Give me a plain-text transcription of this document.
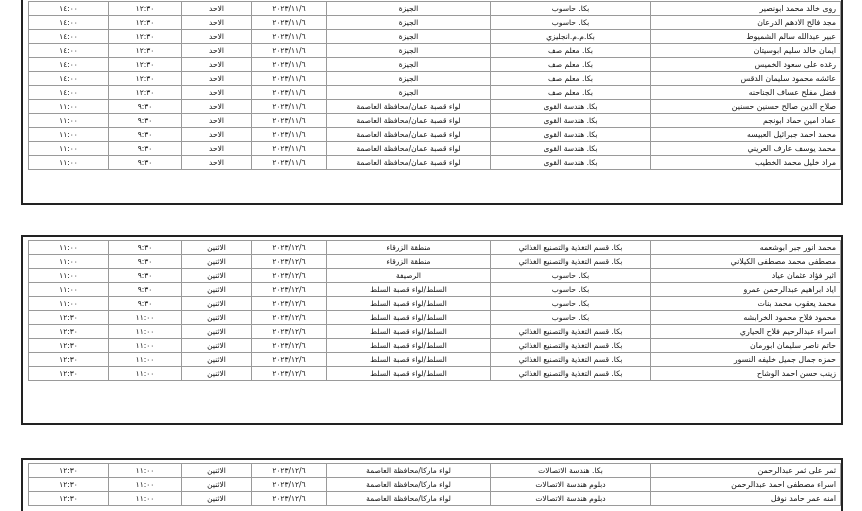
روى خالد محمد ابونصير	بكا. حاسوب	الجيزة	٢٠٢٣/١١/٦	الاحد	١٢:٣٠	١٤:٠٠
مجد فالح الادهم الدرعان	بكا. حاسوب	الجيزة	٢٠٢٣/١١/٦	الاحد	١٢:٣٠	١٤:٠٠
عبير عبدالله سالم الشميوط	بكا.م.م.انجليزي	الجيزة	٢٠٢٣/١١/٦	الاحد	١٢:٣٠	١٤:٠٠
ايمان خالد سليم ابوسيتان	بكا. معلم صف	الجيزة	٢٠٢٣/١١/٦	الاحد	١٢:٣٠	١٤:٠٠
رغده على سعود الخميس	بكا. معلم صف	الجيزة	٢٠٢٣/١١/٦	الاحد	١٢:٣٠	١٤:٠٠
عائشه محمود سليمان الدقس	بكا. معلم صف	الجيزة	٢٠٢٣/١١/٦	الاحد	١٢:٣٠	١٤:٠٠
فضل مفلح عساف الجناحنه	بكا. معلم صف	الجيزة	٢٠٢٣/١١/٦	الاحد	١٢:٣٠	١٤:٠٠
صلاح الدين صالح حسنين حسنين	بكا. هندسة القوى	لواء قصبة عمان/محافظة العاصمة	٢٠٢٣/١١/٦	الاحد	٩:٣٠	١١:٠٠
عماد امين حماد ابونجم	بكا. هندسة القوى	لواء قصبة عمان/محافظة العاصمة	٢٠٢٣/١١/٦	الاحد	٩:٣٠	١١:٠٠
محمد احمد جبرائيل العبيسه	بكا. هندسة القوى	لواء قصبة عمان/محافظة العاصمة	٢٠٢٣/١١/٦	الاحد	٩:٣٠	١١:٠٠
محمد يوسف عارف العريني	بكا. هندسة القوى	لواء قصبة عمان/محافظة العاصمة	٢٠٢٣/١١/٦	الاحد	٩:٣٠	١١:٠٠
مراد خليل محمد الخطيب	بكا. هندسة القوى	لواء قصبة عمان/محافظة العاصمة	٢٠٢٣/١١/٦	الاحد	٩:٣٠	١١:٠٠
محمد انور جبر ابوشعمه	بكا. قسم التغذية والتصنيع الغذائي	منطقة الزرقاء	٢٠٢٣/١٢/٦	الاثنين	٩:٣٠	١١:٠٠
مصطفى محمد مصطفى الكيلاني	بكا. قسم التغذية والتصنيع الغذائي	منطقة الزرقاء	٢٠٢٣/١٢/٦	الاثنين	٩:٣٠	١١:٠٠
اثير فؤاد عثمان عياد	بكا. حاسوب	الرصيفة	٢٠٢٣/١٢/٦	الاثنين	٩:٣٠	١١:٠٠
اياد ابراهيم عبدالرحمن عمرو	بكا. حاسوب	السلط/لواء قصبة السلط	٢٠٢٣/١٢/٦	الاثنين	٩:٣٠	١١:٠٠
محمد يعقوب محمد بنات	بكا. حاسوب	السلط/لواء قصبة السلط	٢٠٢٣/١٢/٦	الاثنين	٩:٣٠	١١:٠٠
محمود فلاح محمود الخرابشه	بكا. حاسوب	السلط/لواء قصبة السلط	٢٠٢٣/١٢/٦	الاثنين	١١:٠٠	١٢:٣٠
اسراء عبدالرحيم فلاح الحياري	بكا. قسم التغذية والتصنيع الغذائي	السلط/لواء قصبة السلط	٢٠٢٣/١٢/٦	الاثنين	١١:٠٠	١٢:٣٠
حاتم ناصر سليمان ابورمان	بكا. قسم التغذية والتصنيع الغذائي	السلط/لواء قصبة السلط	٢٠٢٣/١٢/٦	الاثنين	١١:٠٠	١٢:٣٠
حمزه جمال جميل خليفه النسور	بكا. قسم التغذية والتصنيع الغذائي	السلط/لواء قصبة السلط	٢٠٢٣/١٢/٦	الاثنين	١١:٠٠	١٢:٣٠
زينب حسن احمد الوشاح	بكا. قسم التغذية والتصنيع الغذائي	السلط/لواء قصبة السلط	٢٠٢٣/١٢/٦	الاثنين	١١:٠٠	١٢:٣٠
ثمر على ثمر عبدالرحمن	بكا. هندسة الاتصالات	لواء ماركا/محافظة العاصمة	٢٠٢٣/١٢/٦	الاثنين	١١:٠٠	١٢:٣٠
اسراء مصطفى احمد عبدالرحمن	دبلوم هندسة الاتصالات	لواء ماركا/محافظة العاصمة	٢٠٢٣/١٢/٦	الاثنين	١١:٠٠	١٢:٣٠
امنه عمر حامد نوفل	دبلوم هندسة الاتصالات	لواء ماركا/محافظة العاصمة	٢٠٢٣/١٢/٦	الاثنين	١١:٠٠	١٢:٣٠
